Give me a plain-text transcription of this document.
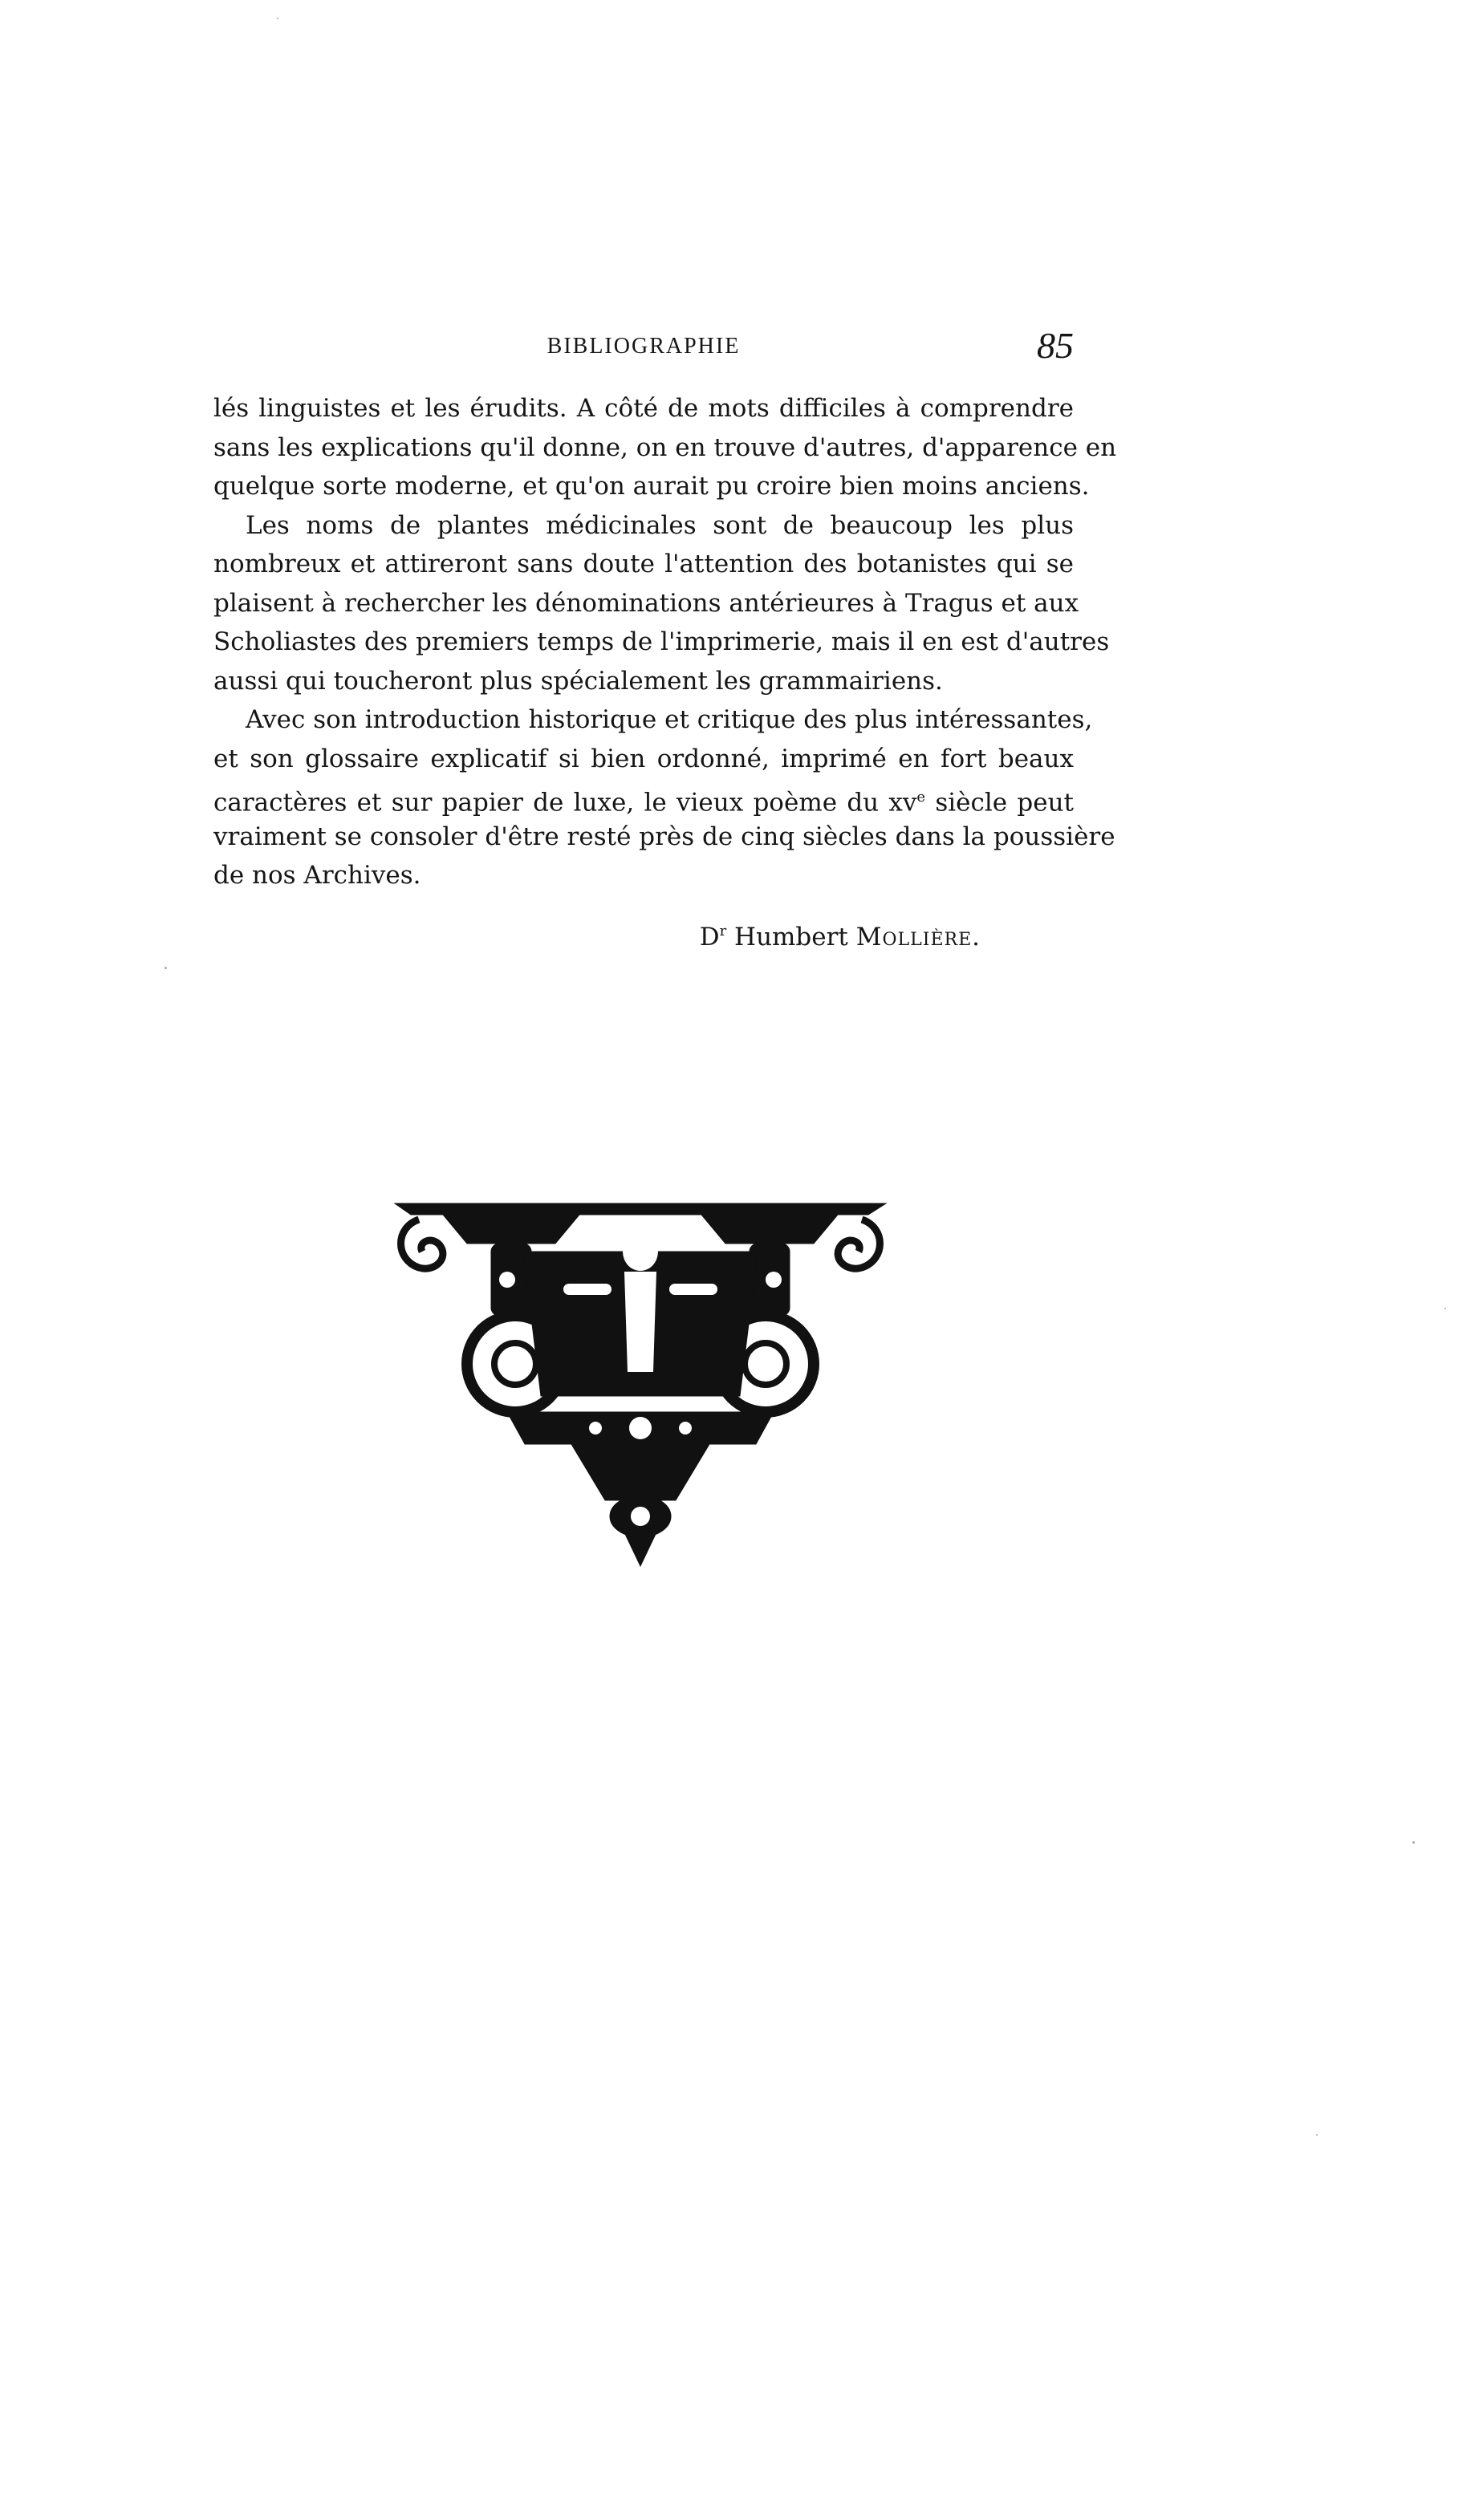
BIBLIOGRAPHIE	85
lés linguistes et les érudits. A côté de mots difficiles à comprendre
sans les explications qu'il donne, on en trouve d'autres, d'apparence en
quelque sorte moderne, et qu'on aurait pu croire bien moins anciens.
Les noms de plantes médicinales sont de beaucoup les plus
nombreux et attireront sans doute l'attention des botanistes qui se
plaisent à rechercher les dénominations antérieures à Tragus et aux
Scholiastes des premiers temps de l'imprimerie, mais il en est d'autres
aussi qui toucheront plus spécialement les grammairiens.
Avec son introduction historique et critique des plus intéressantes,
et son glossaire explicatif si bien ordonné, imprimé en fort beaux
caractères et sur papier de luxe, le vieux poème du $xv^e$ siècle peut
vraiment se consoler d'être resté près de cinq siècles dans la poussière
de nos Archives.
$D^r$ Humbert Mollière.
